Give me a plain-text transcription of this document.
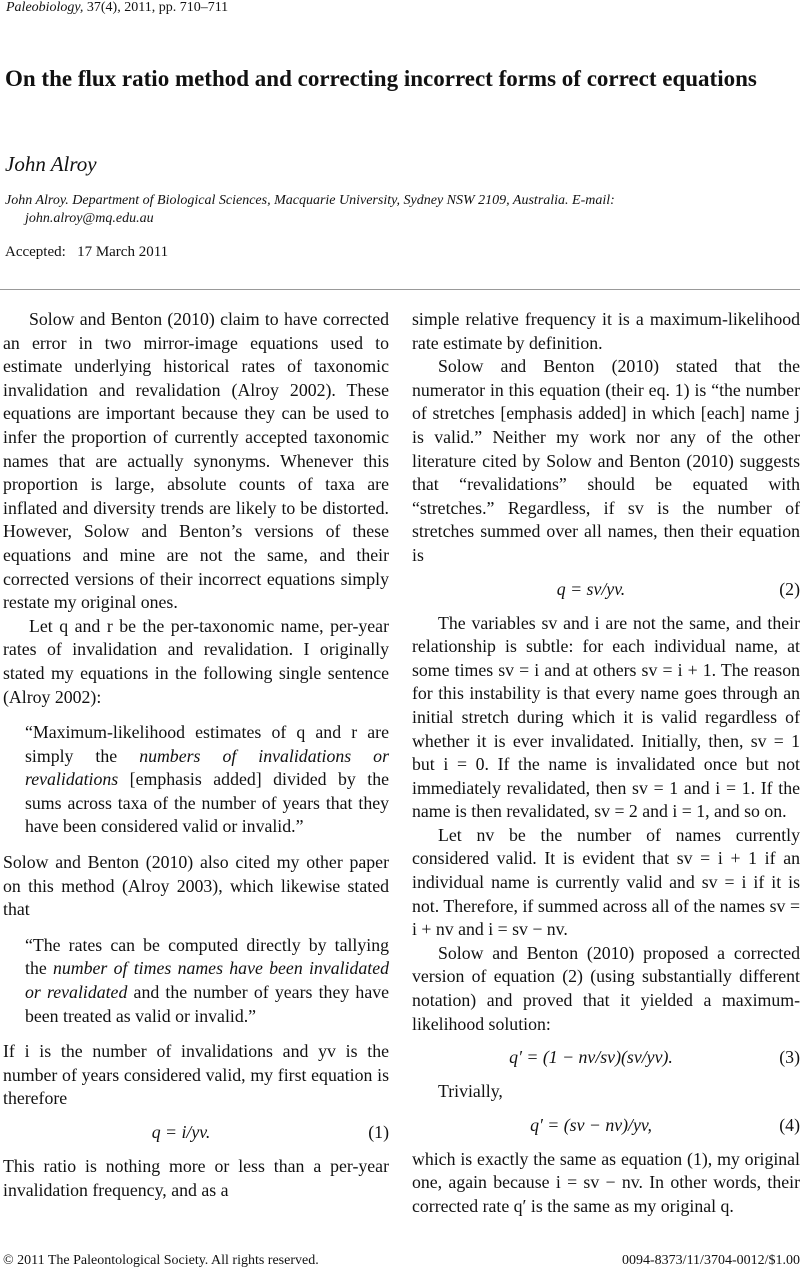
Paleobiology, 37(4), 2011, pp. 710–711
On the flux ratio method and correcting incorrect forms of correct equations
John Alroy
John Alroy. Department of Biological Sciences, Macquarie University, Sydney NSW 2109, Australia. E-mail:
john.alroy@mq.edu.au
Accepted: 17 March 2011

Solow and Benton (2010) claim to have corrected an error in two mirror-image equations used to estimate underlying historical rates of taxonomic invalidation and revalidation (Alroy 2002). These equations are important because they can be used to infer the proportion of currently accepted taxonomic names that are actually synonyms. Whenever this proportion is large, absolute counts of taxa are inflated and diversity trends are likely to be distorted. However, Solow and Benton’s versions of these equations and mine are not the same, and their corrected versions of their incorrect equations simply restate my original ones.

Let q and r be the per-taxonomic name, per-year rates of invalidation and revalidation. I originally stated my equations in the following single sentence (Alroy 2002):

“Maximum-likelihood estimates of q and r are simply the numbers of invalidations or revalidations [emphasis added] divided by the sums across taxa of the number of years that they have been considered valid or invalid.”

Solow and Benton (2010) also cited my other paper on this method (Alroy 2003), which likewise stated that

“The rates can be computed directly by tallying the number of times names have been invalidated or revalidated and the number of years they have been treated as valid or invalid.”

If i is the number of invalidations and yv is the number of years considered valid, my first equation is therefore

q = i/yv.	(1)

This ratio is nothing more or less than a per-year invalidation frequency, and as a

simple relative frequency it is a maximum-likelihood rate estimate by definition.

Solow and Benton (2010) stated that the numerator in this equation (their eq. 1) is “the number of stretches [emphasis added] in which [each] name j is valid.” Neither my work nor any of the other literature cited by Solow and Benton (2010) suggests that “revalidations” should be equated with “stretches.” Regardless, if sv is the number of stretches summed over all names, then their equation is

q = sv/yv.	(2)

The variables sv and i are not the same, and their relationship is subtle: for each individual name, at some times sv = i and at others sv = i + 1. The reason for this instability is that every name goes through an initial stretch during which it is valid regardless of whether it is ever invalidated. Initially, then, sv = 1 but i = 0. If the name is invalidated once but not immediately revalidated, then sv = 1 and i = 1. If the name is then revalidated, sv = 2 and i = 1, and so on.

Let nv be the number of names currently considered valid. It is evident that sv = i + 1 if an individual name is currently valid and sv = i if it is not. Therefore, if summed across all of the names sv = i + nv and i = sv − nv.

Solow and Benton (2010) proposed a corrected version of equation (2) (using substantially different notation) and proved that it yielded a maximum-likelihood solution:

q′ = (1 − nv/sv)(sv/yv).	(3)

Trivially,

q′ = (sv − nv)/yv,	(4)

which is exactly the same as equation (1), my original one, again because i = sv − nv. In other words, their corrected rate q′ is the same as my original q.

© 2011 The Paleontological Society. All rights reserved.	0094-8373/11/3704-0012/$1.00
